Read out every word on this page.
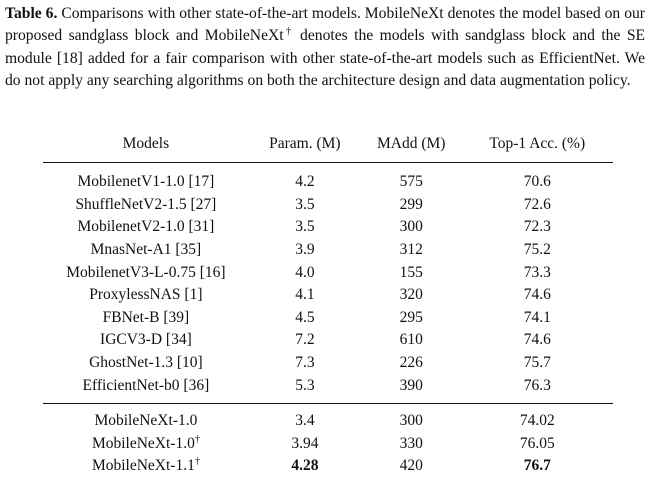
Table 6. Comparisons with other state-of-the-art models. MobileNeXt denotes the model based on our proposed sandglass block and MobileNeXt† denotes the models with sandglass block and the SE module [18] added for a fair comparison with other state-of-the-art models such as EfficientNet. We do not apply any searching algorithms on both the architecture design and data augmentation policy.
Models	Param. (M)	MAdd (M)	Top-1 Acc. (%)
MobilenetV1-1.0 [17]	4.2	575	70.6
ShuffleNetV2-1.5 [27]	3.5	299	72.6
MobilenetV2-1.0 [31]	3.5	300	72.3
MnasNet-A1 [35]	3.9	312	75.2
MobilenetV3-L-0.75 [16]	4.0	155	73.3
ProxylessNAS [1]	4.1	320	74.6
FBNet-B [39]	4.5	295	74.1
IGCV3-D [34]	7.2	610	74.6
GhostNet-1.3 [10]	7.3	226	75.7
EfficientNet-b0 [36]	5.3	390	76.3
MobileNeXt-1.0	3.4	300	74.02
MobileNeXt-1.0†	3.94	330	76.05
MobileNeXt-1.1†	4.28	420	76.7
